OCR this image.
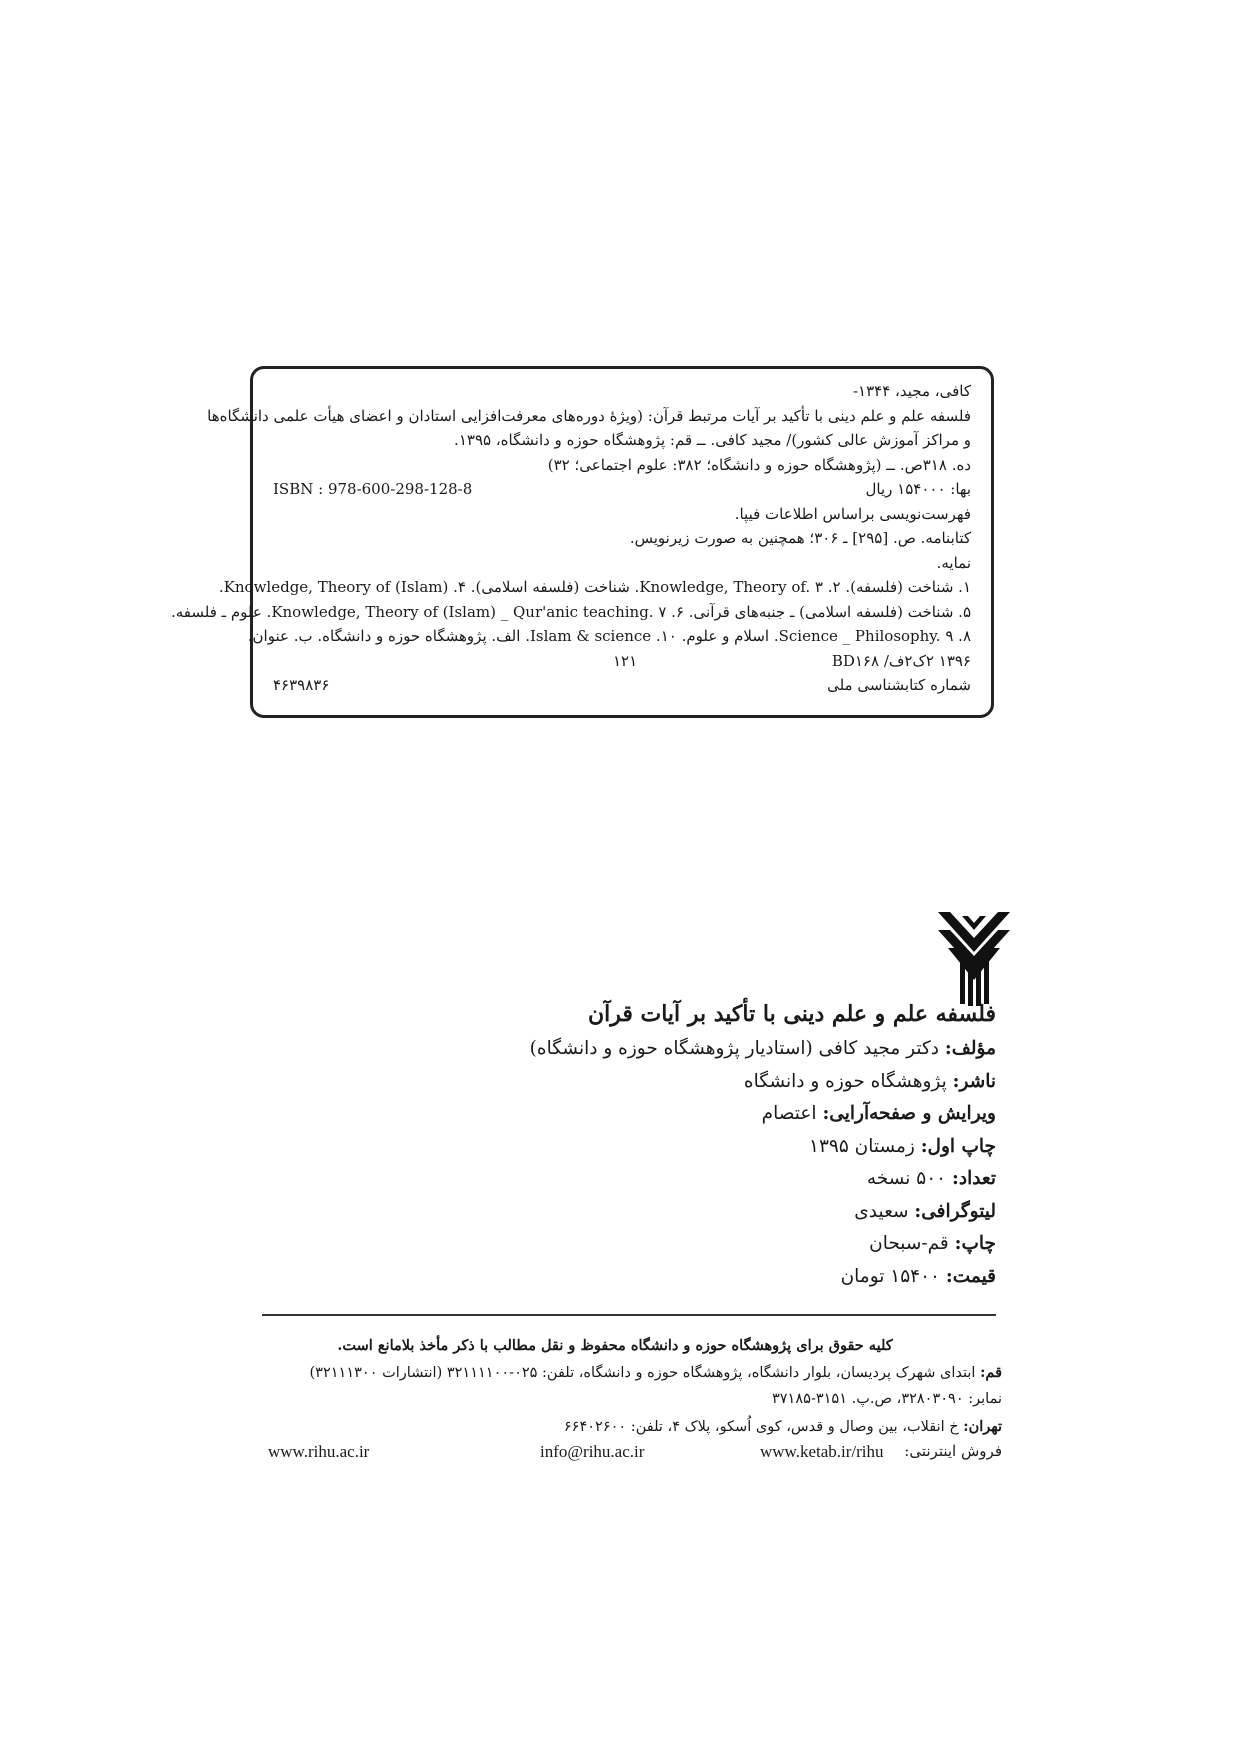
کافی، مجید، ۱۳۴۴-
فلسفه علم و علم دینی با تأکید بر آیات مرتبط قرآن: (ویژهٔ دوره‌های معرفت‌افزایی استادان و اعضای هیأت علمی دانشگاه‌ها
و مراکز آموزش عالی کشور)/ مجید کافی. ــ قم: پژوهشگاه حوزه و دانشگاه، ۱۳۹۵.
ده. ۳۱۸ص. ــ (پژوهشگاه حوزه و دانشگاه؛ ۳۸۲: علوم اجتماعی؛ ۳۲)
بها: ۱۵۴۰۰۰ ریال
ISBN : 978-600-298-128-8
فهرست‌نویسی براساس اطلاعات فیپا.
کتابنامه. ص. [۲۹۵] ـ ۳۰۶؛ همچنین به صورت زیرنویس.
نمایه.
۱. شناخت (فلسفه). ۲. Knowledge, Theory of. ۳. شناخت (فلسفه اسلامی). ۴. Knowledge, Theory of (Islam).
۵. شناخت (فلسفه اسلامی) ـ جنبه‌های قرآنی. ۶. Knowledge, Theory of (Islam) _ Qur'anic teaching. ۷. علوم ـ فلسفه.
۸. Science _ Philosophy. ۹. اسلام و علوم. ۱۰. Islam & science. الف. پژوهشگاه حوزه و دانشگاه. ب. عنوان.
۱۳۹۶ ۲ک۲ف/ BD۱۶۸
۱۲۱
شماره کتابشناسی ملی
۴۶۳۹۸۳۶
فلسفه علم و علم دینی با تأکید بر آیات قرآن
مؤلف: دکتر مجید کافی (استادیار پژوهشگاه حوزه و دانشگاه)
ناشر: پژوهشگاه حوزه و دانشگاه
ویرایش و صفحه‌آرایی: اعتصام
چاپ اول: زمستان ۱۳۹۵
تعداد: ۵۰۰ نسخه
لیتوگرافی: سعیدی
چاپ: قم-سبحان
قیمت: ۱۵۴۰۰ تومان
کلیه حقوق برای پژوهشگاه حوزه و دانشگاه محفوظ و نقل مطالب با ذکر مأخذ بلامانع است.
قم: ابتدای شهرک پردیسان، بلوار دانشگاه، پژوهشگاه حوزه و دانشگاه، تلفن: ۰۲۵-۳۲۱۱۱۱۰۰ (انتشارات ۳۲۱۱۱۳۰۰)
نمابر: ۳۲۸۰۳۰۹۰، ص.پ. ۳۱۵۱-۳۷۱۸۵
تهران: خ انقلاب، بین وصال و قدس، کوی اُسکو، پلاک ۴، تلفن: ۶۶۴۰۲۶۰۰
www.rihu.ac.ir	info@rihu.ac.ir	www.ketab.ir/rihu فروش اینترنتی:
